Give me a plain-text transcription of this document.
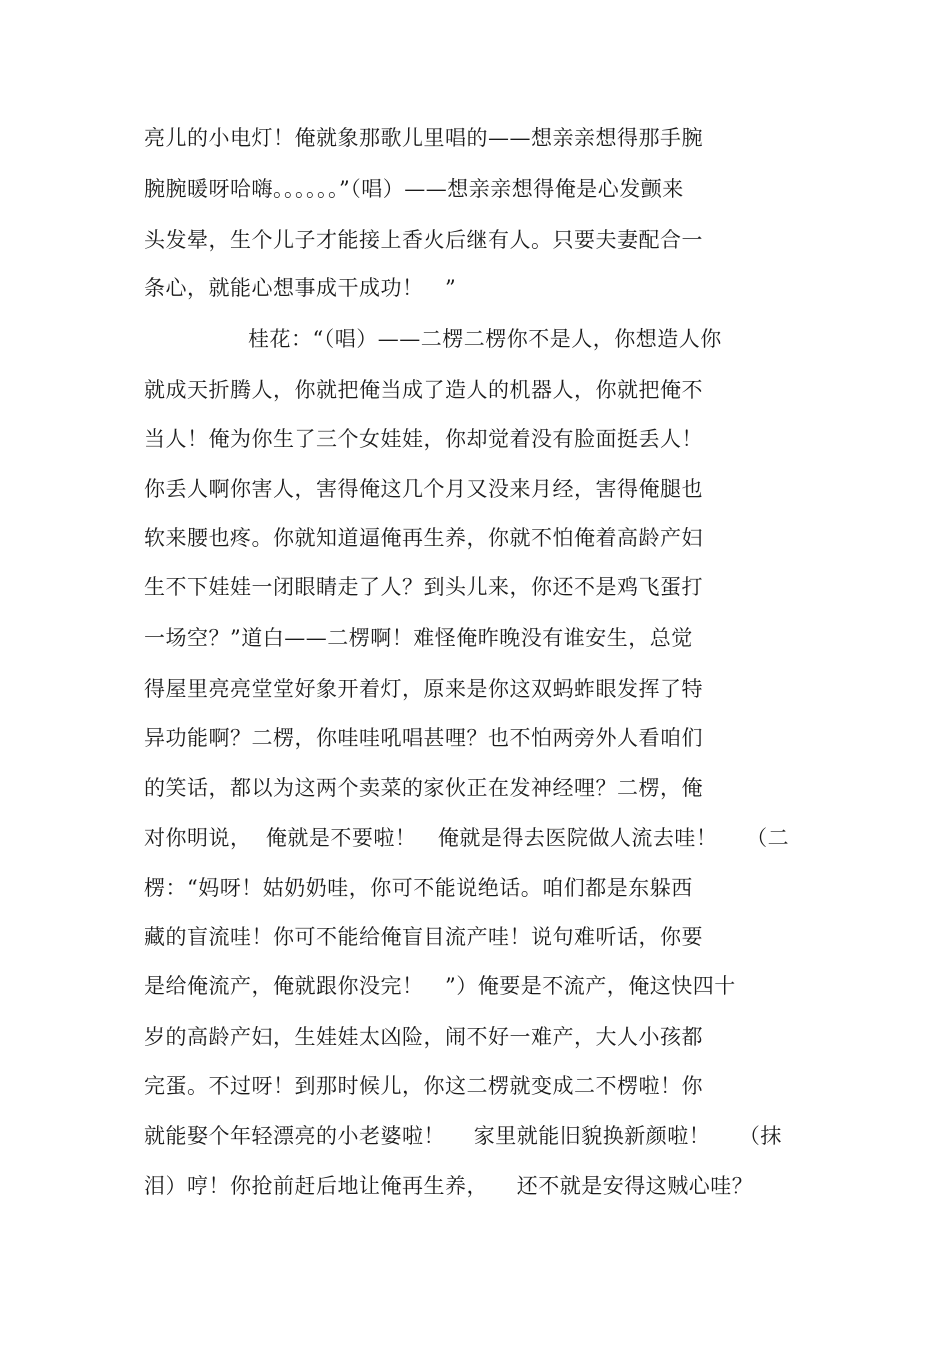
亮儿的小电灯！俺就象那歌儿里唱的——想亲亲想得那手腕
腕腕暖呀哈嗨。。。。。。”（唱）——想亲亲想得俺是心发颤来
头发晕，生个儿子才能接上香火后继有人。只要夫妻配合一
条心，就能心想事成干成功！   ”
桂花：“（唱）——二楞二楞你不是人，你想造人你
就成天折腾人，你就把俺当成了造人的机器人，你就把俺不
当人！俺为你生了三个女娃娃，你却觉着没有脸面挺丢人！
你丢人啊你害人，害得俺这几个月又没来月经，害得俺腿也
软来腰也疼。你就知道逼俺再生养，你就不怕俺着高龄产妇
生不下娃娃一闭眼睛走了人？到头儿来，你还不是鸡飞蛋打
一场空？”道白——二楞啊！难怪俺昨晚没有谁安生，总觉
得屋里亮亮堂堂好象开着灯，原来是你这双蚂蚱眼发挥了特
异功能啊？二楞，你哇哇吼唱甚哩？也不怕两旁外人看咱们
的笑话，都以为这两个卖菜的家伙正在发神经哩？二楞，俺
对你明说，  俺就是不要啦！   俺就是得去医院做人流去哇！    （二
楞：“妈呀！姑奶奶哇，你可不能说绝话。咱们都是东躲西
藏的盲流哇！你可不能给俺盲目流产哇！说句难听话，你要
是给俺流产，俺就跟你没完！   ”）俺要是不流产，俺这快四十
岁的高龄产妇，生娃娃太凶险，闹不好一难产，大人小孩都
完蛋。不过呀！到那时候儿，你这二楞就变成二不楞啦！你
就能娶个年轻漂亮的小老婆啦！    家里就能旧貌换新颜啦！    （抹
泪）哼！你抢前赶后地让俺再生养，    还不就是安得这贼心哇？
